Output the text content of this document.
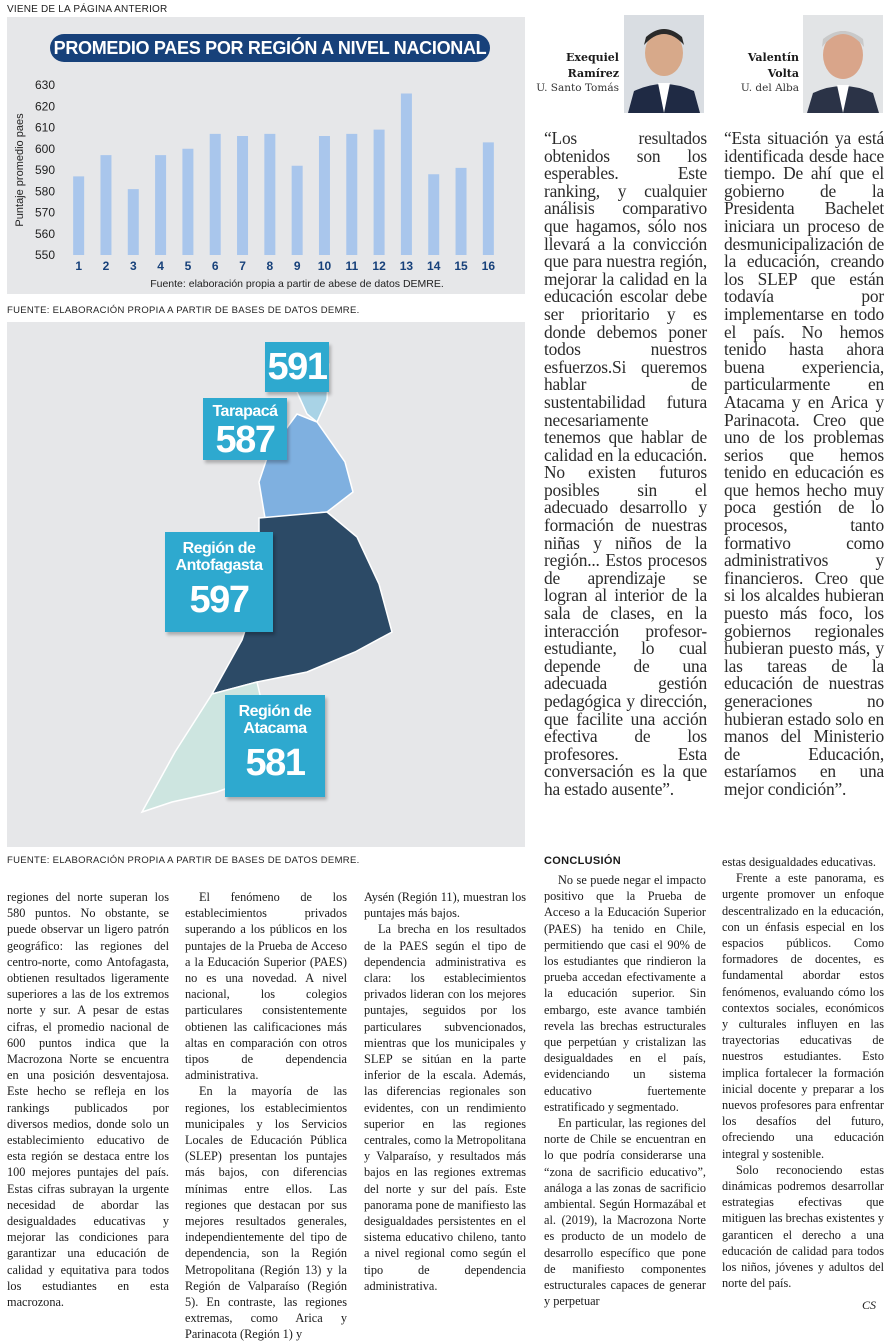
VIENE DE LA PÁGINA ANTERIOR
550
560
570
580
590
600
610
620
630
Puntaje promedio paes
1 2 3 4 5 6 7 8 9 10 11 12 13 14 15 16
Fuente: elaboración propia a partir de abese de datos DEMRE.
PROMEDIO PAES POR REGIÓN A NIVEL NACIONAL
FUENTE: ELABORACIÓN PROPIA A PARTIR DE BASES DE DATOS DEMRE.
591
Tarapacá
587
Región de Antofagasta
597
Región de Atacama
581
FUENTE: ELABORACIÓN PROPIA A PARTIR DE BASES DE DATOS DEMRE.
Exequiel
Ramírez
U. Santo Tomás
Valentín
Volta
U. del Alba
“Los resultados obtenidos son los esperables. Este ranking, y cualquier análisis comparativo que hagamos, sólo nos llevará a la convicción que para nuestra región, mejorar la calidad en la educación escolar debe ser prioritario y es donde debemos poner todos nuestros esfuerzos.Si queremos hablar de sustentabilidad futura necesariamente tenemos que hablar de calidad en la educación. No existen futuros posibles sin el adecuado desarrollo y formación de nuestras niñas y niños de la región... Estos procesos de aprendizaje se logran al interior de la sala de clases, en la interacción profesor-estudiante, lo cual depende de una adecuada gestión pedagógica y dirección, que facilite una acción efectiva de los profesores. Esta conversación es la que ha estado ausente”.
“Esta situación ya está identificada desde hace tiempo. De ahí que el gobierno de la Presidenta Bachelet iniciara un proceso de desmunicipalización de la educación, creando los SLEP que están todavía por implementarse en todo el país. No hemos tenido hasta ahora buena experiencia, particularmente en Atacama y en Arica y Parinacota. Creo que uno de los problemas serios que hemos tenido en educación es que hemos hecho muy poca gestión de lo procesos, tanto formativo como administrativos y financieros. Creo que si los alcaldes hubieran puesto más foco, los gobiernos regionales hubieran puesto más, y las tareas de la educación de nuestras generaciones no hubieran estado solo en manos del Ministerio de Educación, estaríamos en una mejor condición”.

regiones del norte superan los 580 puntos. No obstante, se puede observar un ligero patrón geográfico: las regiones del centro-norte, como Antofagasta, obtienen resultados ligeramente superiores a las de los extremos norte y sur. A pesar de estas cifras, el promedio nacional de 600 puntos indica que la Macrozona Norte se encuentra en una posición desventajosa. Este hecho se refleja en los rankings publicados por diversos medios, donde solo un establecimiento educativo de esta región se destaca entre los 100 mejores puntajes del país. Estas cifras subrayan la urgente necesidad de abordar las desigualdades educativas y mejorar las condiciones para garantizar una educación de calidad y equitativa para todos los estudiantes en esta macrozona.

El fenómeno de los establecimientos privados superando a los públicos en los puntajes de la Prueba de Acceso a la Educación Superior (PAES) no es una novedad. A nivel nacional, los colegios particulares consistentemente obtienen las calificaciones más altas en comparación con otros tipos de dependencia administrativa.

En la mayoría de las regiones, los establecimientos municipales y los Servicios Locales de Educación Pública (SLEP) presentan los puntajes más bajos, con diferencias mínimas entre ellos. Las regiones que destacan por sus mejores resultados generales, independientemente del tipo de dependencia, son la Región Metropolitana (Región 13) y la Región de Valparaíso (Región 5). En contraste, las regiones extremas, como Arica y Parinacota (Región 1) y

Aysén (Región 11), muestran los puntajes más bajos.

La brecha en los resultados de la PAES según el tipo de dependencia administrativa es clara: los establecimientos privados lideran con los mejores puntajes, seguidos por los particulares subvencionados, mientras que los municipales y SLEP se sitúan en la parte inferior de la escala. Además, las diferencias regionales son evidentes, con un rendimiento superior en las regiones centrales, como la Metropolitana y Valparaíso, y resultados más bajos en las regiones extremas del norte y sur del país. Este panorama pone de manifiesto las desigualdades persistentes en el sistema educativo chileno, tanto a nivel regional como según el tipo de dependencia administrativa.

CONCLUSIÓN

No se puede negar el impacto positivo que la Prueba de Acceso a la Educación Superior (PAES) ha tenido en Chile, permitiendo que casi el 90% de los estudiantes que rindieron la prueba accedan efectivamente a la educación superior. Sin embargo, este avance también revela las brechas estructurales que perpetúan y cristalizan las desigualdades en el país, evidenciando un sistema educativo fuertemente estratificado y segmentado.

En particular, las regiones del norte de Chile se encuentran en lo que podría considerarse una “zona de sacrificio educativo”, análoga a las zonas de sacrificio ambiental. Según Hormazábal et al. (2019), la Macrozona Norte es producto de un modelo de desarrollo específico que pone de manifiesto componentes estructurales capaces de generar y perpetuar

estas desigualdades educativas.

Frente a este panorama, es urgente promover un enfoque descentralizado en la educación, con un énfasis especial en los espacios públicos. Como formadores de docentes, es fundamental abordar estos fenómenos, evaluando cómo los contextos sociales, económicos y culturales influyen en las trayectorias educativas de nuestros estudiantes. Esto implica fortalecer la formación inicial docente y preparar a los nuevos profesores para enfrentar los desafíos del futuro, ofreciendo una educación integral y sostenible.

Solo reconociendo estas dinámicas podremos desarrollar estrategias efectivas que mitiguen las brechas existentes y garanticen el derecho a una educación de calidad para todos los niños, jóvenes y adultos del norte del país.

CS
